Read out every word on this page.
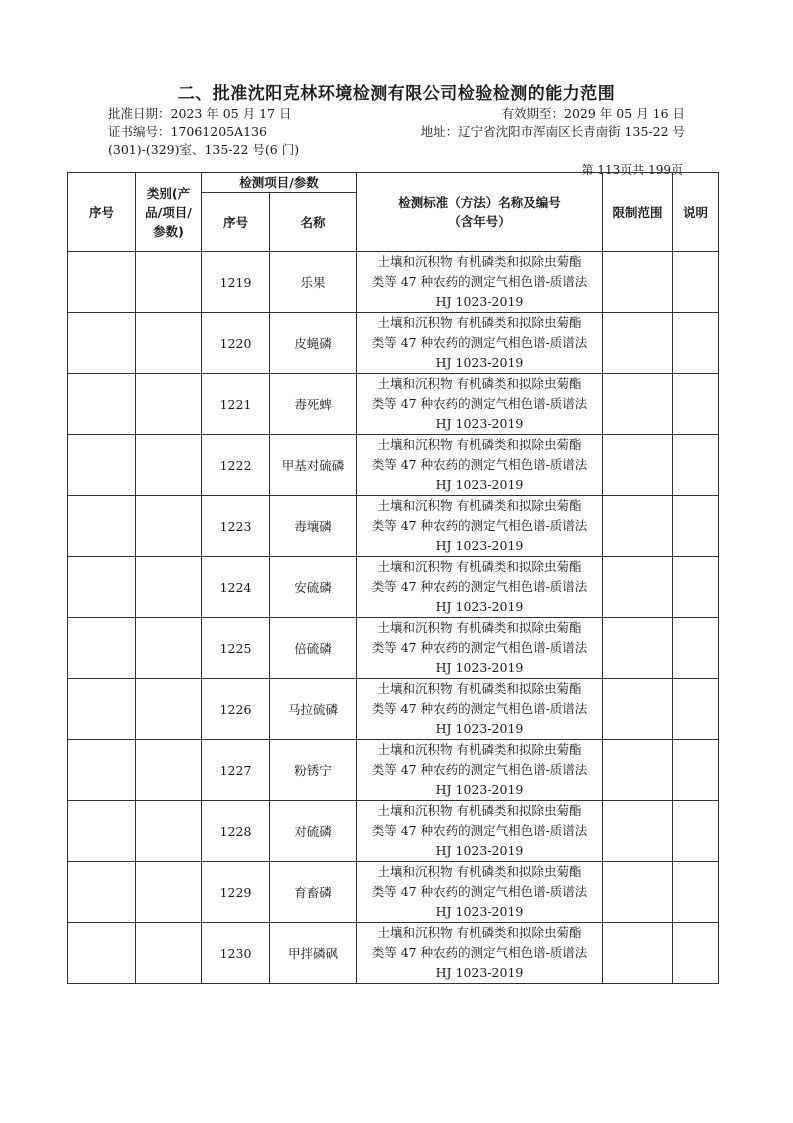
二、批准沈阳克林环境检测有限公司检验检测的能力范围
批准日期：2023 年 05 月 17 日	有效期至：2029 年 05 月 16 日
证书编号：17061205A136	地址：辽宁省沈阳市浑南区长青南街 135-22 号
(301)-(329)室、135-22 号(6 门)
第 113页共 199页
序号	类别(产品/项目/参数)	检测项目/参数		检测标准（方法）名称及编号（含年号）	限制范围	说明
		序号	名称			
		1219	乐果	土壤和沉积物 有机磷类和拟除虫菊酯
类等 47 种农药的测定气相色谱-质谱法
HJ 1023-2019		

		1220	皮蝇磷	土壤和沉积物 有机磷类和拟除虫菊酯
类等 47 种农药的测定气相色谱-质谱法
HJ 1023-2019		

		1221	毒死蜱	土壤和沉积物 有机磷类和拟除虫菊酯
类等 47 种农药的测定气相色谱-质谱法
HJ 1023-2019		

		1222	甲基对硫磷	土壤和沉积物 有机磷类和拟除虫菊酯
类等 47 种农药的测定气相色谱-质谱法
HJ 1023-2019		

		1223	毒壤磷	土壤和沉积物 有机磷类和拟除虫菊酯
类等 47 种农药的测定气相色谱-质谱法
HJ 1023-2019		

		1224	安硫磷	土壤和沉积物 有机磷类和拟除虫菊酯
类等 47 种农药的测定气相色谱-质谱法
HJ 1023-2019		

		1225	倍硫磷	土壤和沉积物 有机磷类和拟除虫菊酯
类等 47 种农药的测定气相色谱-质谱法
HJ 1023-2019		

		1226	马拉硫磷	土壤和沉积物 有机磷类和拟除虫菊酯
类等 47 种农药的测定气相色谱-质谱法
HJ 1023-2019		

		1227	粉锈宁	土壤和沉积物 有机磷类和拟除虫菊酯
类等 47 种农药的测定气相色谱-质谱法
HJ 1023-2019		

		1228	对硫磷	土壤和沉积物 有机磷类和拟除虫菊酯
类等 47 种农药的测定气相色谱-质谱法
HJ 1023-2019		

		1229	育畜磷	土壤和沉积物 有机磷类和拟除虫菊酯
类等 47 种农药的测定气相色谱-质谱法
HJ 1023-2019		

		1230	甲拌磷砜	土壤和沉积物 有机磷类和拟除虫菊酯
类等 47 种农药的测定气相色谱-质谱法
HJ 1023-2019		
